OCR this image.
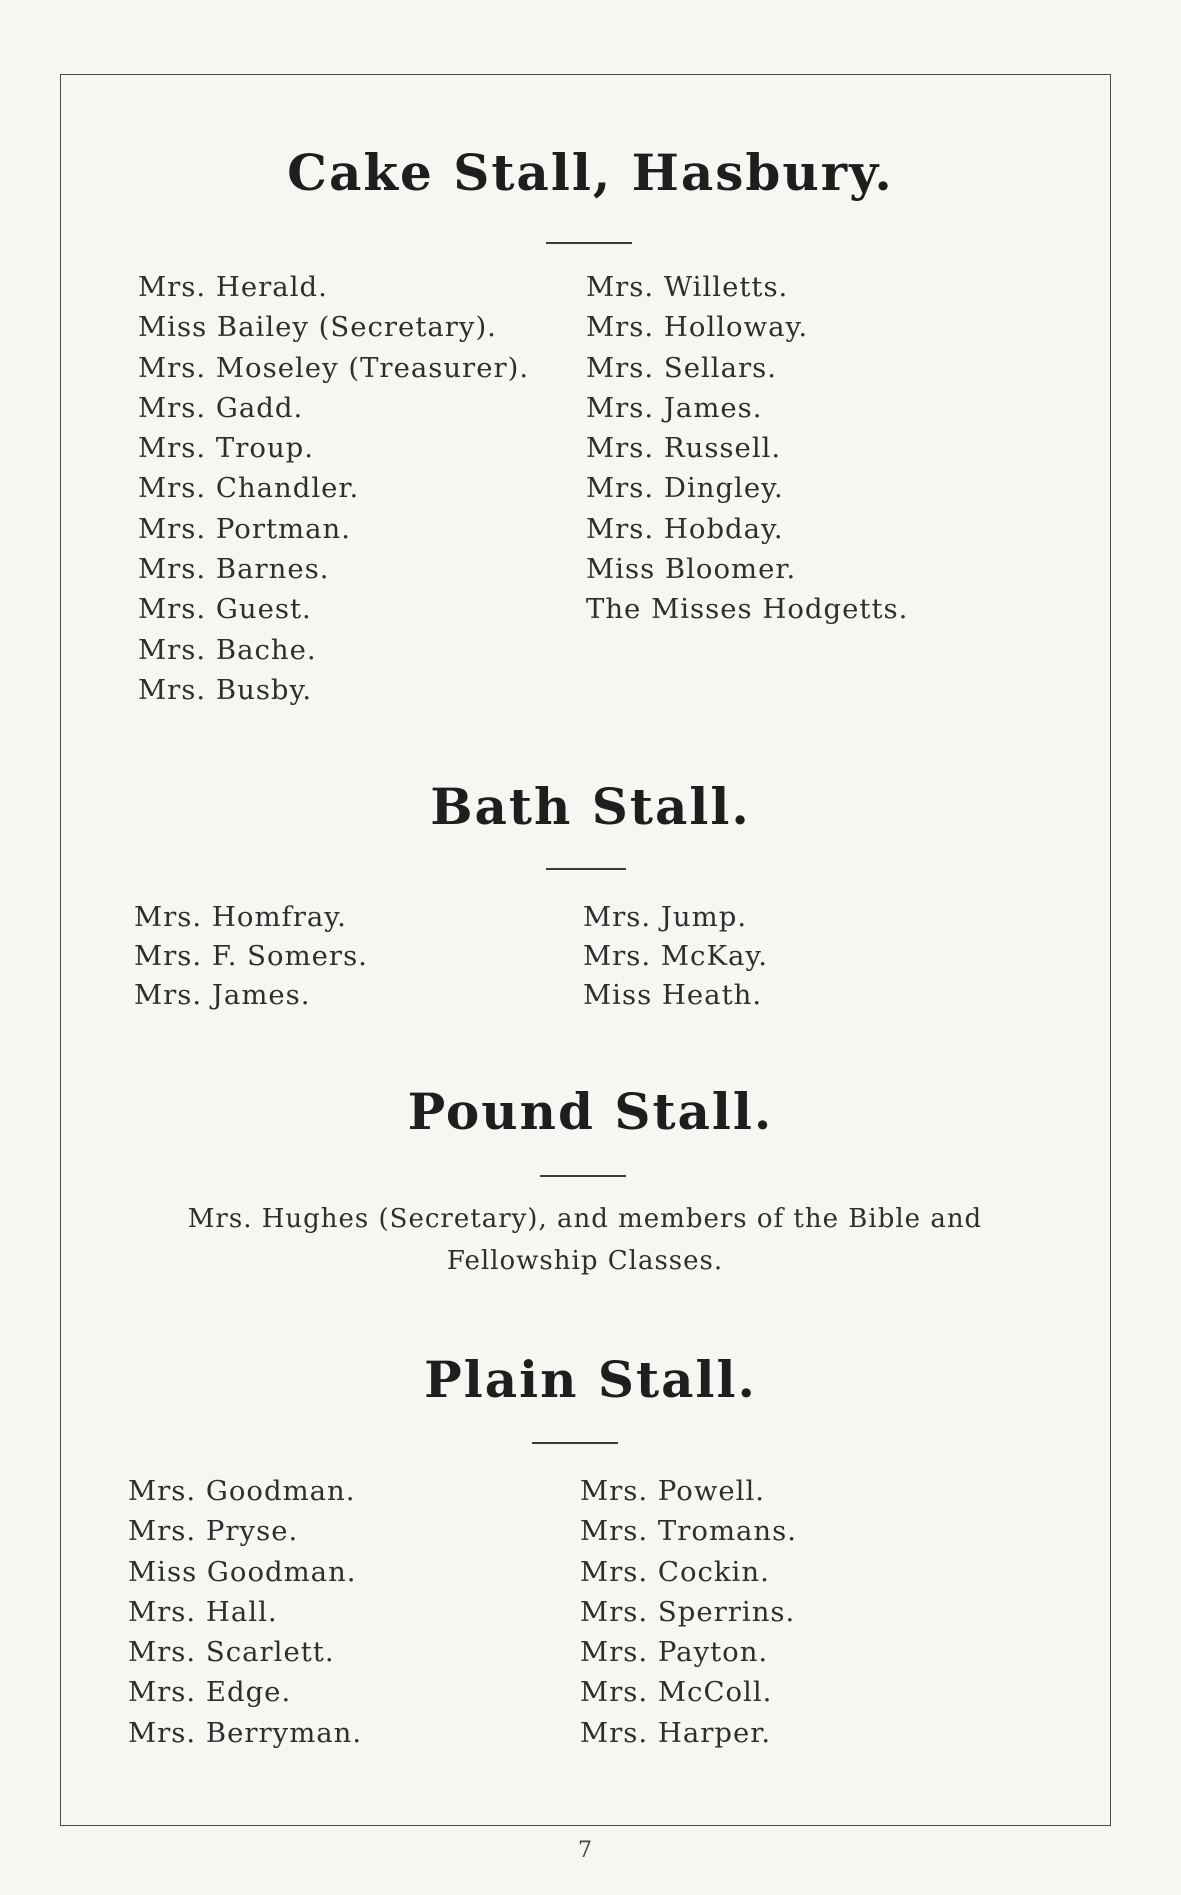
Cake Stall, Hasbury.
Mrs. Herald.
Miss Bailey (Secretary).
Mrs. Moseley (Treasurer).
Mrs. Gadd.
Mrs. Troup.
Mrs. Chandler.
Mrs. Portman.
Mrs. Barnes.
Mrs. Guest.
Mrs. Bache.
Mrs. Busby.
Mrs. Willetts.
Mrs. Holloway.
Mrs. Sellars.
Mrs. James.
Mrs. Russell.
Mrs. Dingley.
Mrs. Hobday.
Miss Bloomer.
The Misses Hodgetts.
Bath Stall.
Mrs. Homfray.
Mrs. F. Somers.
Mrs. James.
Mrs. Jump.
Mrs. McKay.
Miss Heath.
Pound Stall.

Mrs. Hughes (Secretary), and members of the Bible and Fellowship Classes.

Plain Stall.
Mrs. Goodman.
Mrs. Pryse.
Miss Goodman.
Mrs. Hall.
Mrs. Scarlett.
Mrs. Edge.
Mrs. Berryman.
Mrs. Powell.
Mrs. Tromans.
Mrs. Cockin.
Mrs. Sperrins.
Mrs. Payton.
Mrs. McColl.
Mrs. Harper.
7
